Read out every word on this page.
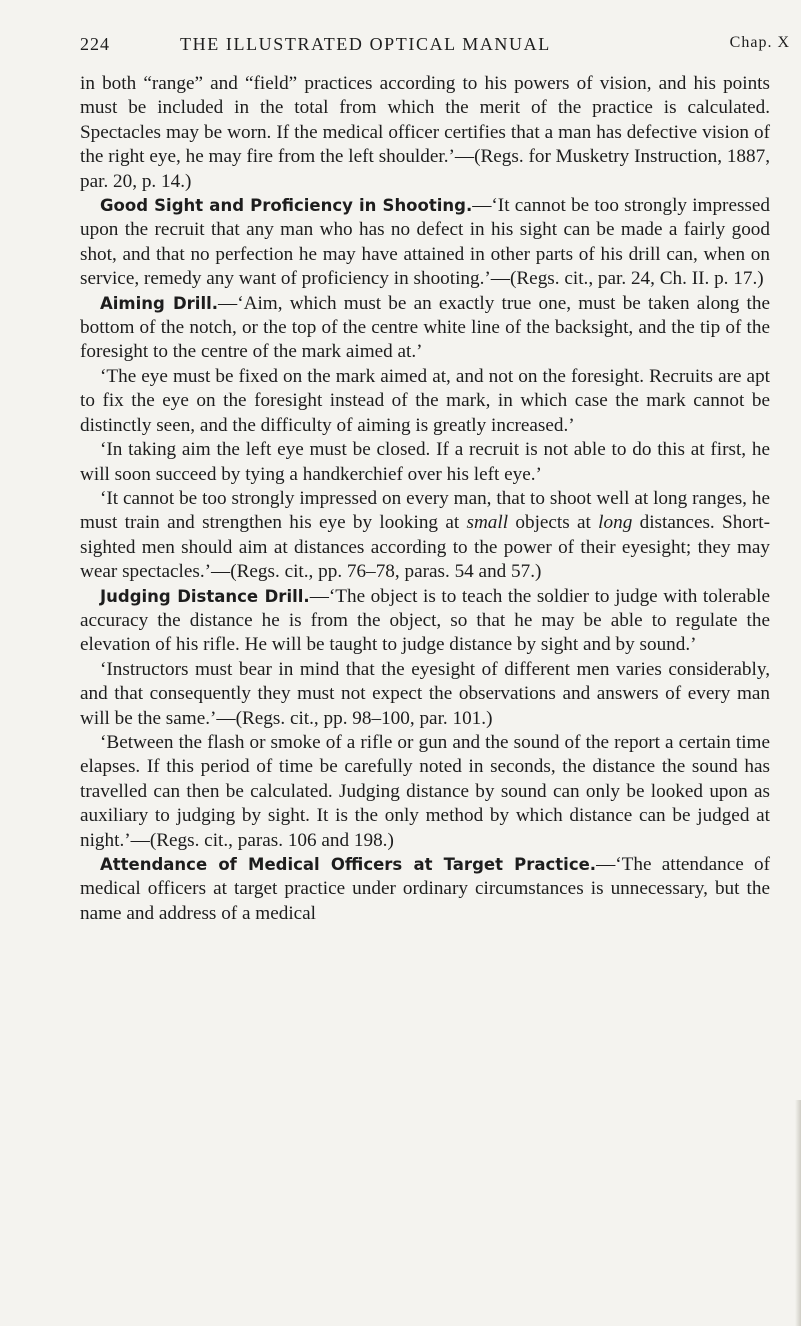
224	THE ILLUSTRATED OPTICAL MANUAL	Chap. X

in both “range” and “field” practices according to his powers of vision, and his points must be included in the total from which the merit of the practice is calculated. Spectacles may be worn. If the medical officer certifies that a man has defective vision of the right eye, he may fire from the left shoulder.’—(Regs. for Musketry Instruction, 1887, par. 20, p. 14.)

Good Sight and Proficiency in Shooting.—‘It cannot be too strongly impressed upon the recruit that any man who has no defect in his sight can be made a fairly good shot, and that no perfection he may have attained in other parts of his drill can, when on service, remedy any want of proficiency in shooting.’—(Regs. cit., par. 24, Ch. II. p. 17.)

Aiming Drill.—‘Aim, which must be an exactly true one, must be taken along the bottom of the notch, or the top of the centre white line of the backsight, and the tip of the foresight to the centre of the mark aimed at.’

‘The eye must be fixed on the mark aimed at, and not on the foresight. Recruits are apt to fix the eye on the foresight instead of the mark, in which case the mark cannot be distinctly seen, and the difficulty of aiming is greatly increased.’

‘In taking aim the left eye must be closed. If a recruit is not able to do this at first, he will soon succeed by tying a handkerchief over his left eye.’

‘It cannot be too strongly impressed on every man, that to shoot well at long ranges, he must train and strengthen his eye by looking at small objects at long distances. Short-sighted men should aim at distances according to the power of their eyesight; they may wear spectacles.’—(Regs. cit., pp. 76–78, paras. 54 and 57.)

Judging Distance Drill.—‘The object is to teach the soldier to judge with tolerable accuracy the distance he is from the object, so that he may be able to regulate the elevation of his rifle. He will be taught to judge distance by sight and by sound.’

‘Instructors must bear in mind that the eyesight of different men varies considerably, and that consequently they must not expect the observations and answers of every man will be the same.’—(Regs. cit., pp. 98–100, par. 101.)

‘Between the flash or smoke of a rifle or gun and the sound of the report a certain time elapses. If this period of time be carefully noted in seconds, the distance the sound has travelled can then be calculated. Judging distance by sound can only be looked upon as auxiliary to judging by sight. It is the only method by which distance can be judged at night.’—(Regs. cit., paras. 106 and 198.)

Attendance of Medical Officers at Target Practice.—‘The attendance of medical officers at target practice under ordinary circumstances is unnecessary, but the name and address of a medical
